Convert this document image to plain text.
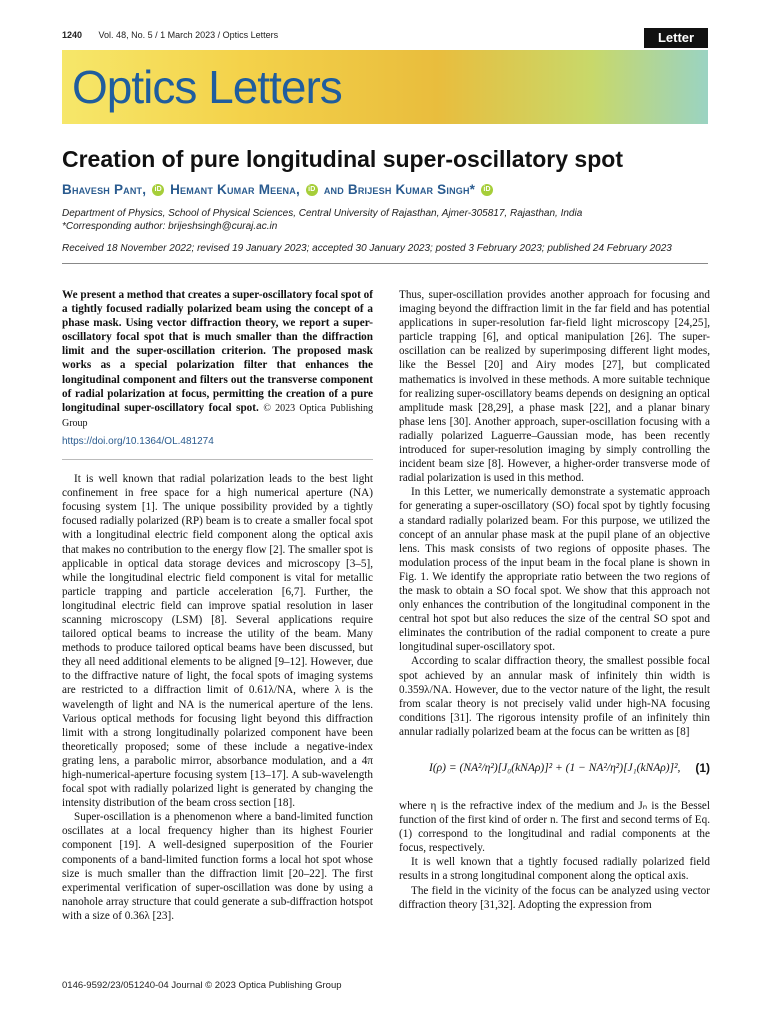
1240 Vol. 48, No. 5 / 1 March 2023 / Optics Letters	Letter
Optics Letters
Creation of pure longitudinal super-oscillatory spot
Bhavesh Pant, iD Hemant Kumar Meena, iD and Brijesh Kumar Singh* iD
Department of Physics, School of Physical Sciences, Central University of Rajasthan, Ajmer-305817, Rajasthan, India
*Corresponding author: brijeshsingh@curaj.ac.in
Received 18 November 2022; revised 19 January 2023; accepted 30 January 2023; posted 3 February 2023; published 24 February 2023
We present a method that creates a super-oscillatory focal spot of a tightly focused radially polarized beam using the concept of a phase mask. Using vector diffraction theory, we report a super-oscillatory focal spot that is much smaller than the diffraction limit and the super-oscillation criterion. The proposed mask works as a special polarization filter that enhances the longitudinal component and filters out the transverse component of radial polarization at focus, permitting the creation of a pure longitudinal super-oscillatory focal spot. © 2023 Optica Publishing Group
https://doi.org/10.1364/OL.481274

It is well known that radial polarization leads to the best light confinement in free space for a high numerical aperture (NA) focusing system [1]. The unique possibility provided by a tightly focused radially polarized (RP) beam is to create a smaller focal spot with a longitudinal electric field component along the optical axis that makes no contribution to the energy flow [2]. The smaller spot is applicable in optical data storage devices and microscopy [3–5], while the longitudinal electric field component is vital for metallic particle trapping and particle acceleration [6,7]. Further, the longitudinal electric field can improve spatial resolution in laser scanning microscopy (LSM) [8]. Several applications require tailored optical beams to increase the utility of the beam. Many methods to produce tailored optical beams have been discussed, but they all need additional elements to be aligned [9–12]. However, due to the diffractive nature of light, the focal spots of imaging systems are restricted to a diffraction limit of 0.61λ/NA, where λ is the wavelength of light and NA is the numerical aperture of the lens. Various optical methods for focusing light beyond this diffraction limit with a strong longitudinally polarized component have been theoretically proposed; some of these include a negative-index grating lens, a parabolic mirror, absorbance modulation, and a 4π high-numerical-aperture focusing system [13–17]. A sub-wavelength focal spot with radially polarized light is generated by changing the intensity distribution of the beam cross section [18].

Super-oscillation is a phenomenon where a band-limited function oscillates at a local frequency higher than its highest Fourier component [19]. A well-designed superposition of the Fourier components of a band-limited function forms a local hot spot whose size is much smaller than the diffraction limit [20–22]. The first experimental verification of super-oscillation was done by using a nanohole array structure that could generate a sub-diffraction hotspot with a size of 0.36λ [23].

Thus, super-oscillation provides another approach for focusing and imaging beyond the diffraction limit in the far field and has potential applications in super-resolution far-field light microscopy [24,25], particle trapping [6], and optical manipulation [26]. The super-oscillation can be realized by superimposing different light modes, like the Bessel [20] and Airy modes [27], but complicated mathematics is involved in these methods. A more suitable technique for realizing super-oscillatory beams depends on designing an optical amplitude mask [28,29], a phase mask [22], and a planar binary phase lens [30]. Another approach, super-oscillation focusing with a radially polarized Laguerre–Gaussian mode, has been recently introduced for super-resolution imaging by simply controlling the incident beam size [8]. However, a higher-order transverse mode of radial polarization is used in this method.

In this Letter, we numerically demonstrate a systematic approach for generating a super-oscillatory (SO) focal spot by tightly focusing a standard radially polarized beam. For this purpose, we utilized the concept of an annular phase mask at the pupil plane of an objective lens. This mask consists of two regions of opposite phases. The modulation process of the input beam in the focal plane is shown in Fig. 1. We identify the appropriate ratio between the two regions of the mask to obtain a SO focal spot. We show that this approach not only enhances the contribution of the longitudinal component in the central hot spot but also reduces the size of the central SO spot and eliminates the contribution of the radial component to create a pure longitudinal super-oscillatory spot.

According to scalar diffraction theory, the smallest possible focal spot achieved by an annular mask of infinitely thin width is 0.359λ/NA. However, due to the vector nature of the light, the result from scalar theory is not precisely valid under high-NA focusing conditions [31]. The rigorous intensity profile of an infinitely thin annular radially polarized beam at the focus can be written as [8]

I(ρ) = (NA²/η²)[J₀(kNAρ)]² + (1 − NA²/η²)[J₁(kNAρ)]², (1)

where η is the refractive index of the medium and Jₙ is the Bessel function of the first kind of order n. The first and second terms of Eq. (1) correspond to the longitudinal and radial components at the focus, respectively.

It is well known that a tightly focused radially polarized field results in a strong longitudinal component along the optical axis.

The field in the vicinity of the focus can be analyzed using vector diffraction theory [31,32]. Adopting the expression from

0146-9592/23/051240-04 Journal © 2023 Optica Publishing Group
